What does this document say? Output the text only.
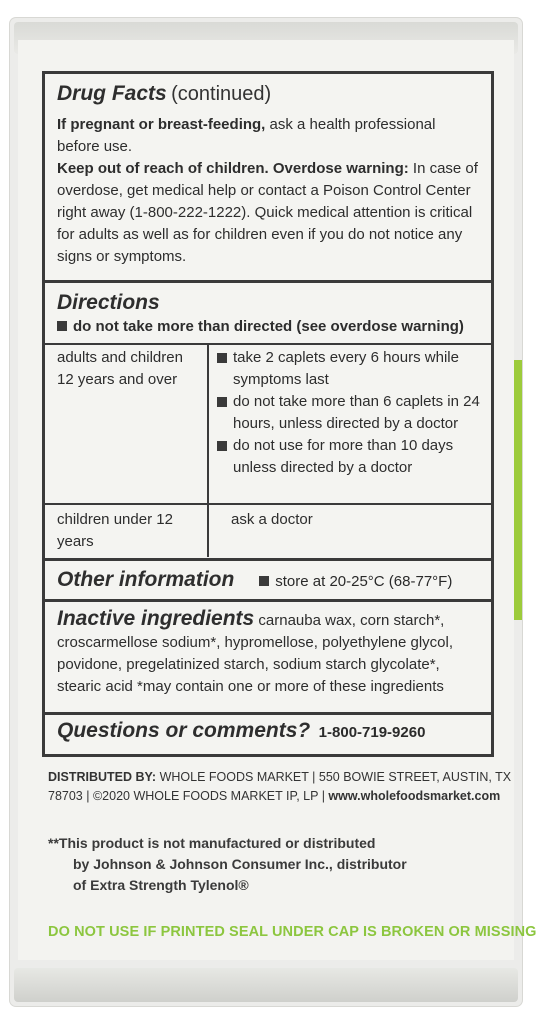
Drug Facts (continued)
If pregnant or breast-feeding, ask a health professional before use.
Keep out of reach of children. Overdose warning: In case of overdose, get medical help or contact a Poison Control Center right away (1-800-222-1222). Quick medical attention is critical for adults as well as for children even if you do not notice any signs or symptoms.
Directions
do not take more than directed (see overdose warning)
adults and children 12 years and over
take 2 caplets every 6 hours while symptoms last
do not take more than 6 caplets in 24 hours, unless directed by a doctor
do not use for more than 10 days unless directed by a doctor
children under 12 years
ask a doctor
Other information	store at 20-25°C (68-77°F)
Inactive ingredients carnauba wax, corn starch*, croscarmellose sodium*, hypromellose, polyethylene glycol, povidone, pregelatinized starch, sodium starch glycolate*, stearic acid *may contain one or more of these ingredients
Questions or comments? 1-800-719-9260
DISTRIBUTED BY: WHOLE FOODS MARKET | 550 BOWIE STREET, AUSTIN, TX
78703 | ©2020 WHOLE FOODS MARKET IP, LP | www.wholefoodsmarket.com
**This product is not manufactured or distributed
by Johnson & Johnson Consumer Inc., distributor
of Extra Strength Tylenol®
DO NOT USE IF PRINTED SEAL UNDER CAP IS BROKEN OR MISSING
